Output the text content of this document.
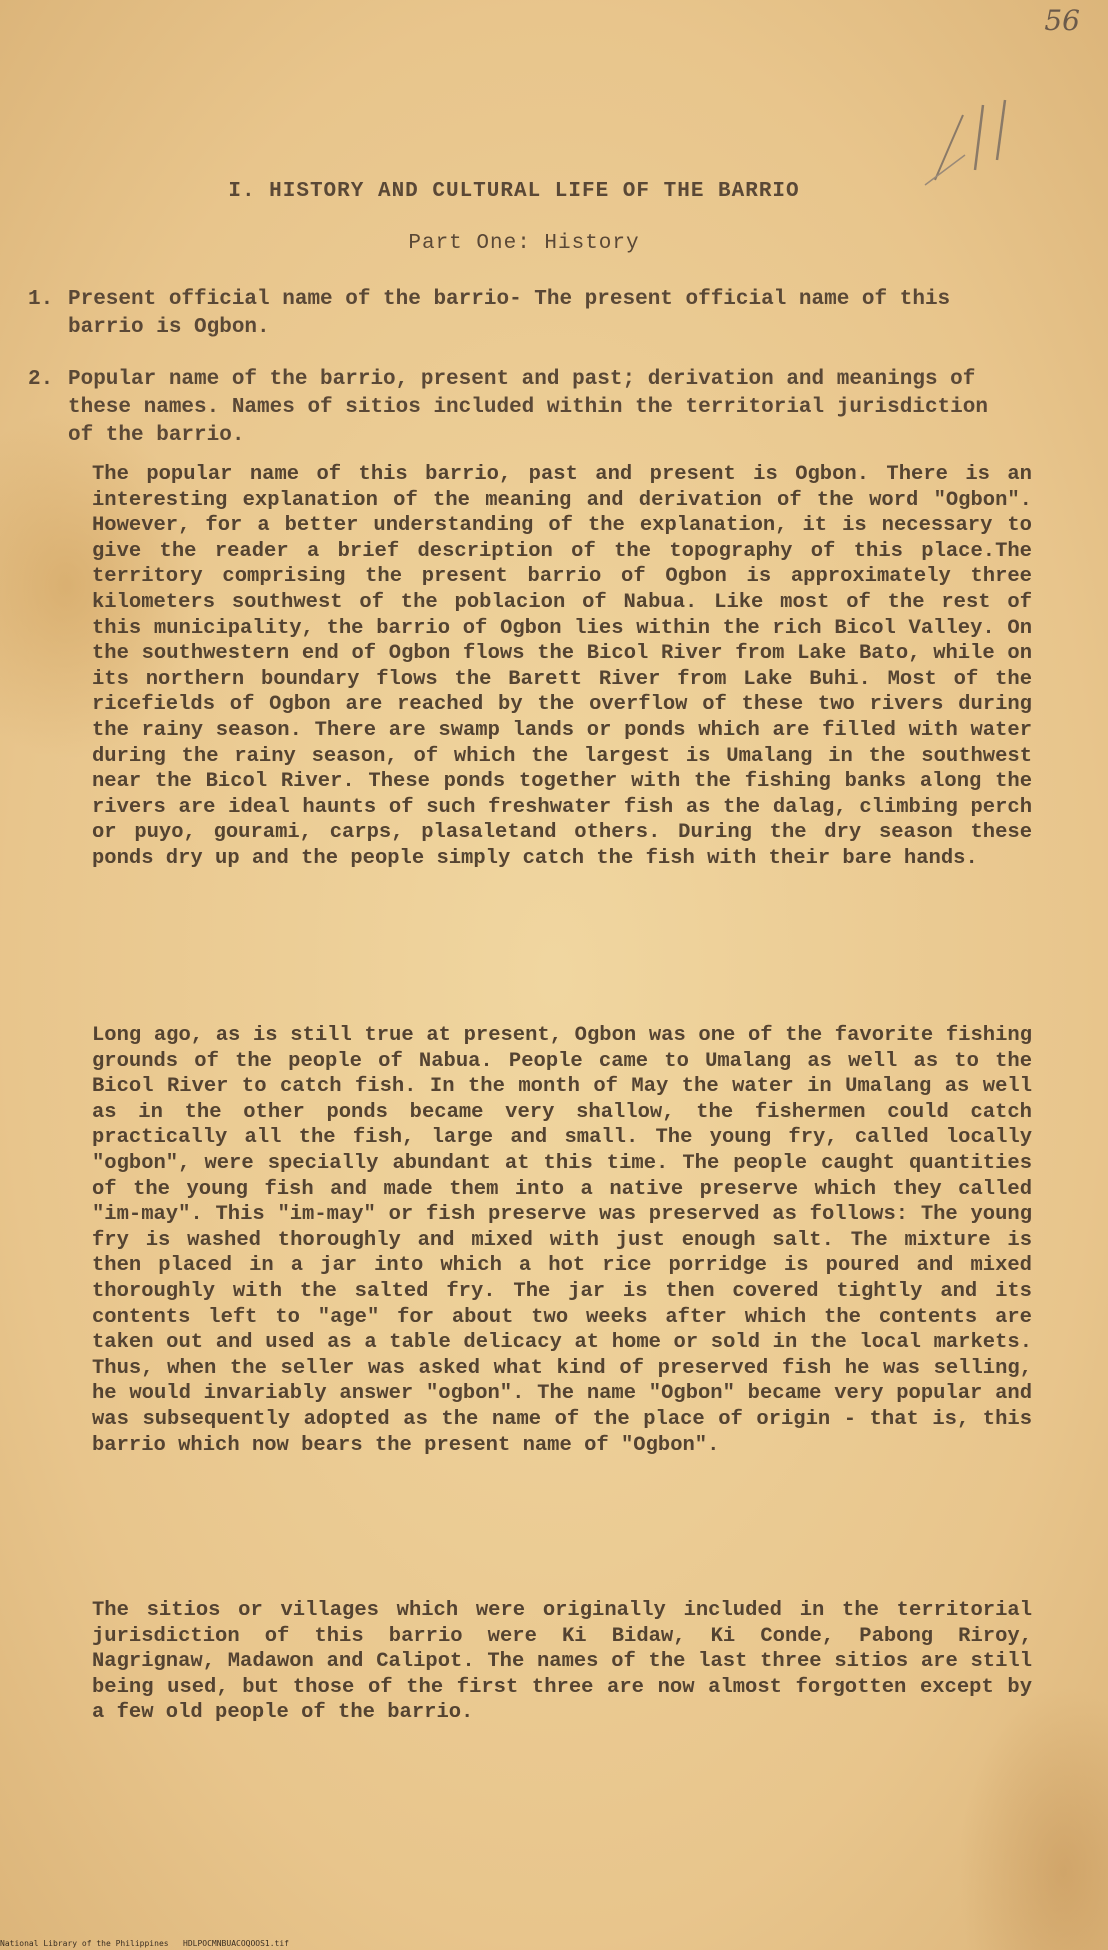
56
I. HISTORY AND CULTURAL LIFE OF THE BARRIO
Part One: History
1. Present official name of the barrio- The present official name of this barrio is Ogbon.
2. Popular name of the barrio, present and past; derivation and meanings of these names. Names of sitios included within the territorial jurisdiction of the barrio.
The popular name of this barrio, past and present is Ogbon. There is an interesting explanation of the meaning and derivation of the word "Ogbon". However, for a better understanding of the explanation, it is necessary to give the reader a brief description of the topography of this place.The territory comprising the present barrio of Ogbon is approximately three kilometers southwest of the poblacion of Nabua. Like most of the rest of this municipality, the barrio of Ogbon lies within the rich Bicol Valley. On the southwestern end of Ogbon flows the Bicol River from Lake Bato, while on its northern boundary flows the Barett River from Lake Buhi. Most of the ricefields of Ogbon are reached by the overflow of these two rivers during the rainy season. There are swamp lands or ponds which are filled with water during the rainy season, of which the largest is Umalang in the southwest near the Bicol River. These ponds together with the fishing banks along the rivers are ideal haunts of such freshwater fish as the dalag, climbing perch or puyo, gourami, carps, plasaletand others. During the dry season these ponds dry up and the people simply catch the fish with their bare hands.
Long ago, as is still true at present, Ogbon was one of the favorite fishing grounds of the people of Nabua. People came to Umalang as well as to the Bicol River to catch fish. In the month of May the water in Umalang as well as in the other ponds became very shallow, the fishermen could catch practically all the fish, large and small. The young fry, called locally "ogbon", were specially abundant at this time. The people caught quantities of the young fish and made them into a native preserve which they called "im-may". This "im-may" or fish preserve was preserved as follows: The young fry is washed thoroughly and mixed with just enough salt. The mixture is then placed in a jar into which a hot rice porridge is poured and mixed thoroughly with the salted fry. The jar is then covered tightly and its contents left to "age" for about two weeks after which the contents are taken out and used as a table delicacy at home or sold in the local markets. Thus, when the seller was asked what kind of preserved fish he was selling, he would invariably answer "ogbon". The name "Ogbon" became very popular and was subsequently adopted as the name of the place of origin - that is, this barrio which now bears the present name of "Ogbon".
The sitios or villages which were originally included in the territorial jurisdiction of this barrio were Ki Bidaw, Ki Conde, Pabong Riroy, Nagrignaw, Madawon and Calipot. The names of the last three sitios are still being used, but those of the first three are now almost forgotten except by a few old people of the barrio.
National Library of the Philippines   HDLPOCMNBUACOQOOS1.tif
